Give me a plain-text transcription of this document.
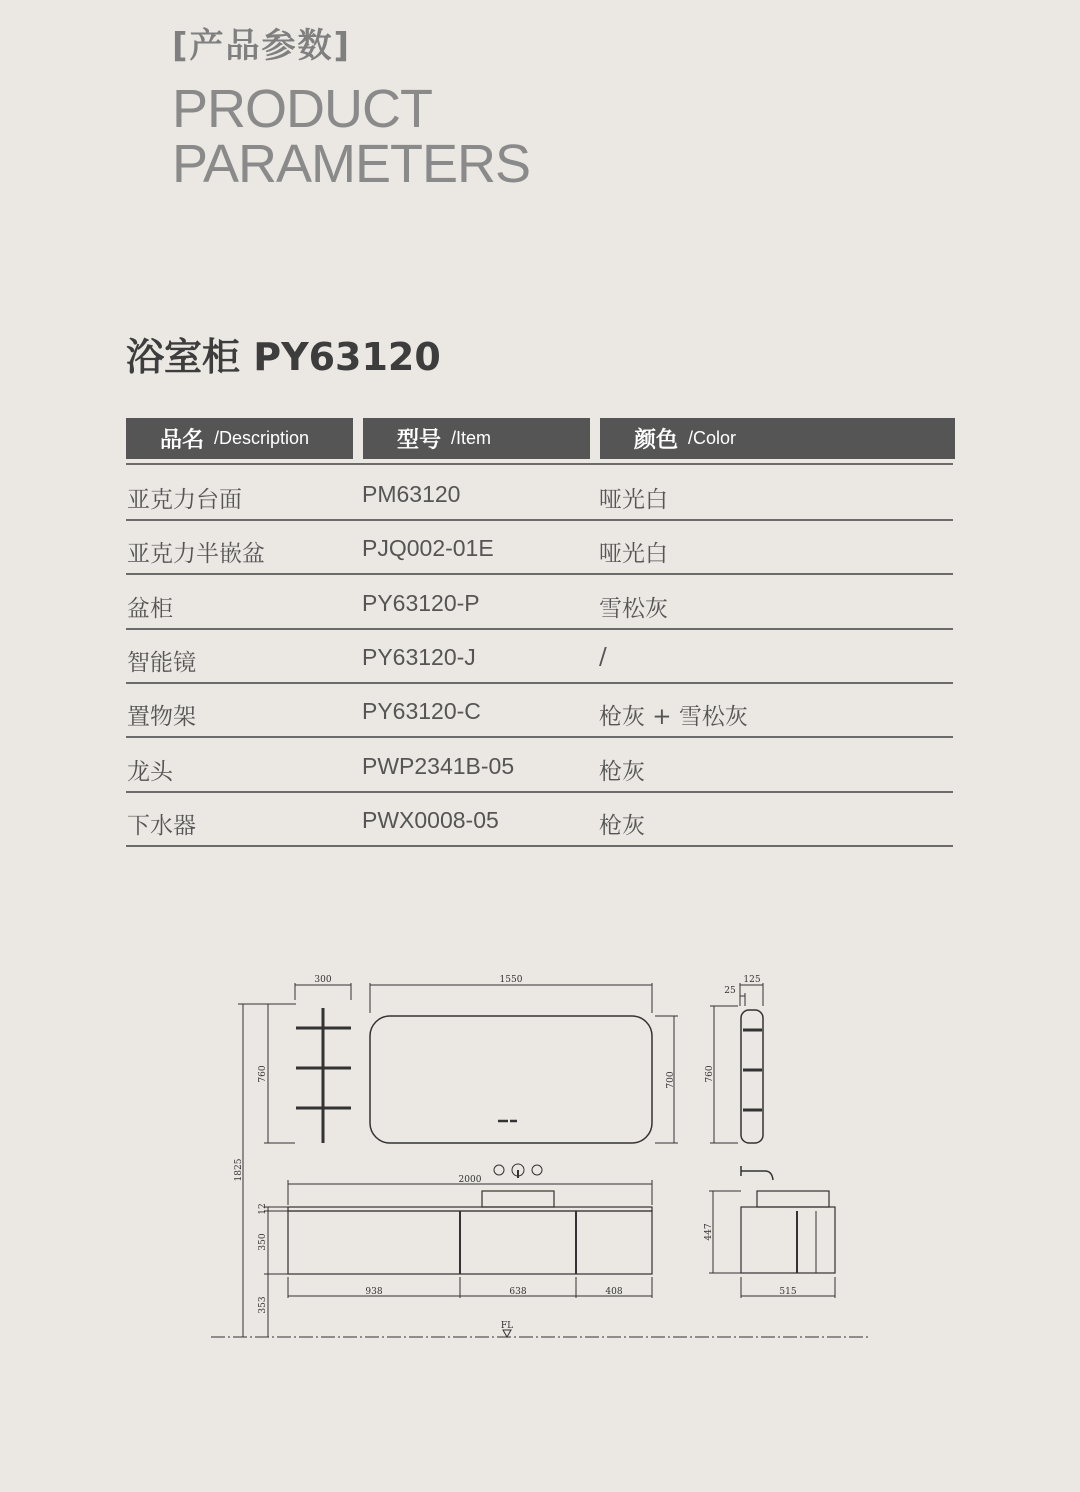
[产品参数]
PRODUCT
PARAMETERS
浴室柜 PY63120
品名 /Description	型号 /Item	颜色 /Color
亚克力台面	PM63120	哑光白
亚克力半嵌盆	PJQ002-01E	哑光白
盆柜	PY63120-P	雪松灰
智能镜	PY63120-J	/
置物架	PY63120-C	枪灰 + 雪松灰
龙头	PWP2341B-05	枪灰
下水器	PWX0008-05	枪灰
300	1550	125
25
2000
938	638	408	515
FL
760	700	760
1825
12
350
353
447
